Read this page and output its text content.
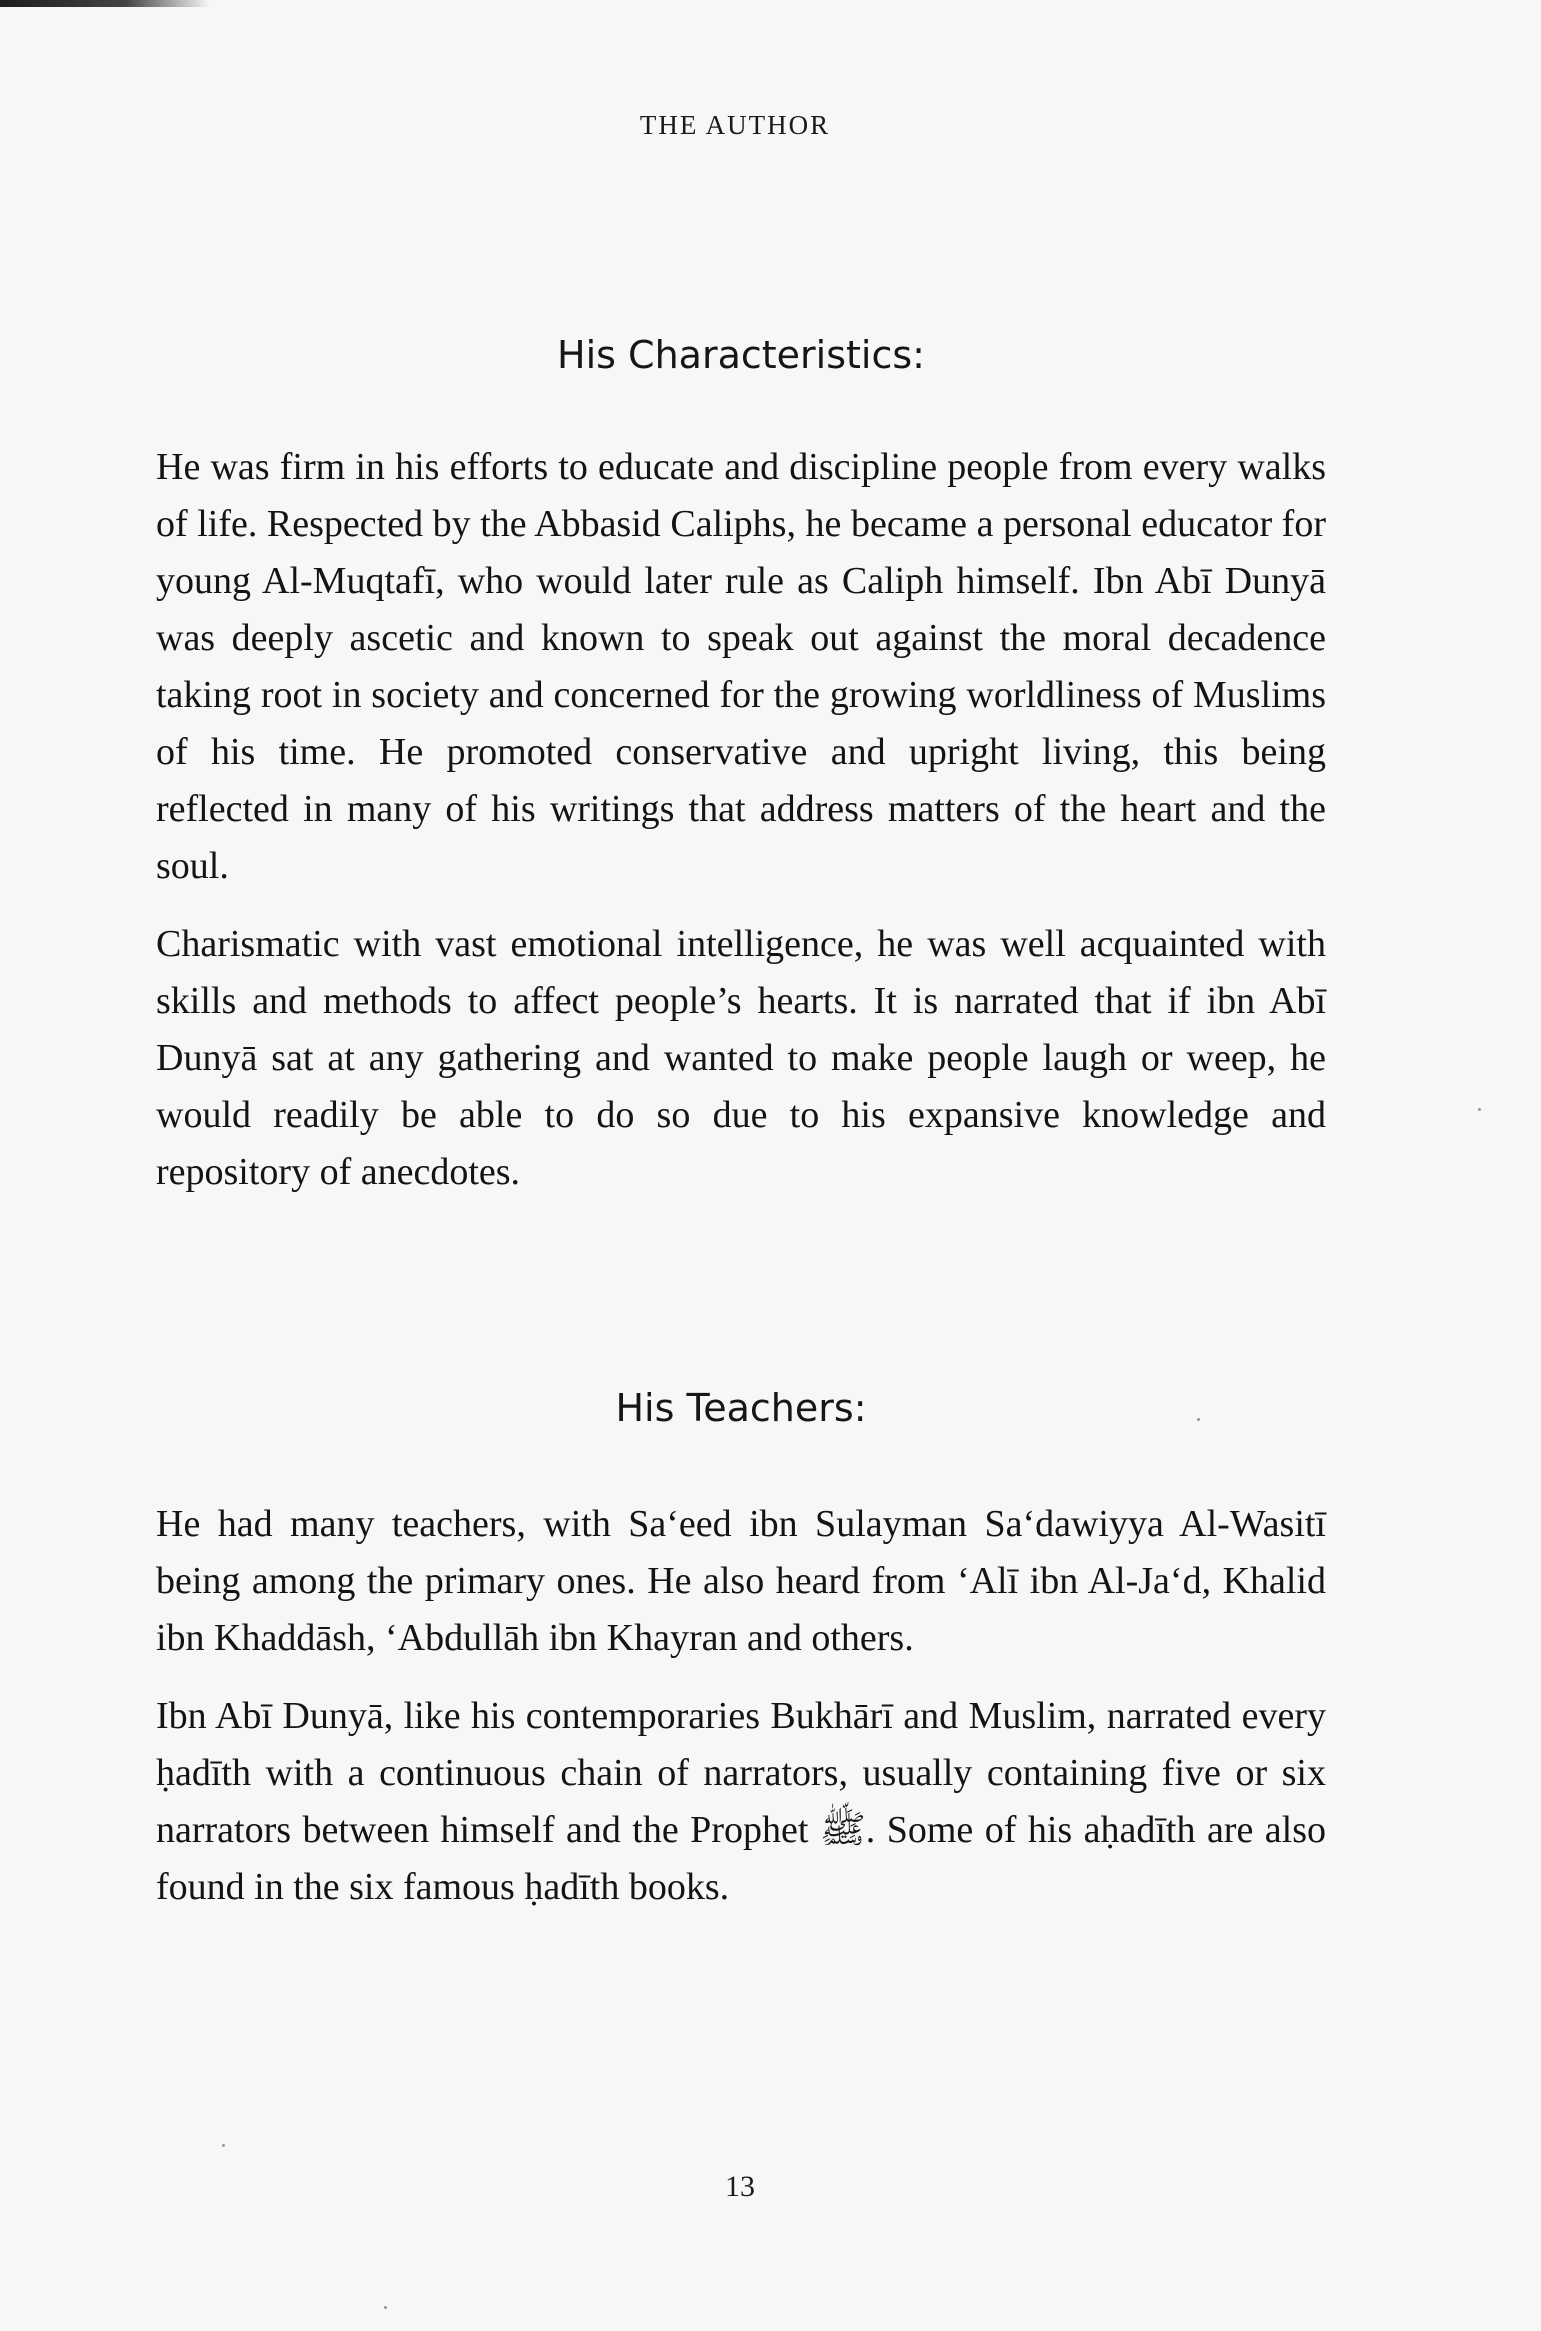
THE AUTHOR
His Characteristics:

He was firm in his efforts to educate and discipline people from every walks of life. Respected by the Abbasid Caliphs, he became a personal educator for young Al-Muqtafī, who would later rule as Caliph himself. Ibn Abī Dunyā was deeply ascetic and known to speak out against the moral decadence taking root in society and concerned for the growing worldliness of Muslims of his time. He promoted conservative and upright living, this being reflected in many of his writings that address matters of the heart and the soul.

Charismatic with vast emotional intelligence, he was well acquainted with skills and methods to affect people’s hearts. It is narrated that if ibn Abī Dunyā sat at any gathering and wanted to make people laugh or weep, he would readily be able to do so due to his expansive knowledge and repository of anecdotes.

His Teachers:

He had many teachers, with Sa‘eed ibn Sulayman Sa‘dawiyya Al-Wasitī being among the primary ones. He also heard from ‘Alī ibn Al-Ja‘d, Khalid ibn Khaddāsh, ‘Abdullāh ibn Khayran and others.

Ibn Abī Dunyā, like his contemporaries Bukhārī and Muslim, narrated every ḥadīth with a continuous chain of narrators, usually containing five or six narrators between himself and the Prophet ﷺ. Some of his aḥadīth are also found in the six famous ḥadīth books.

13
